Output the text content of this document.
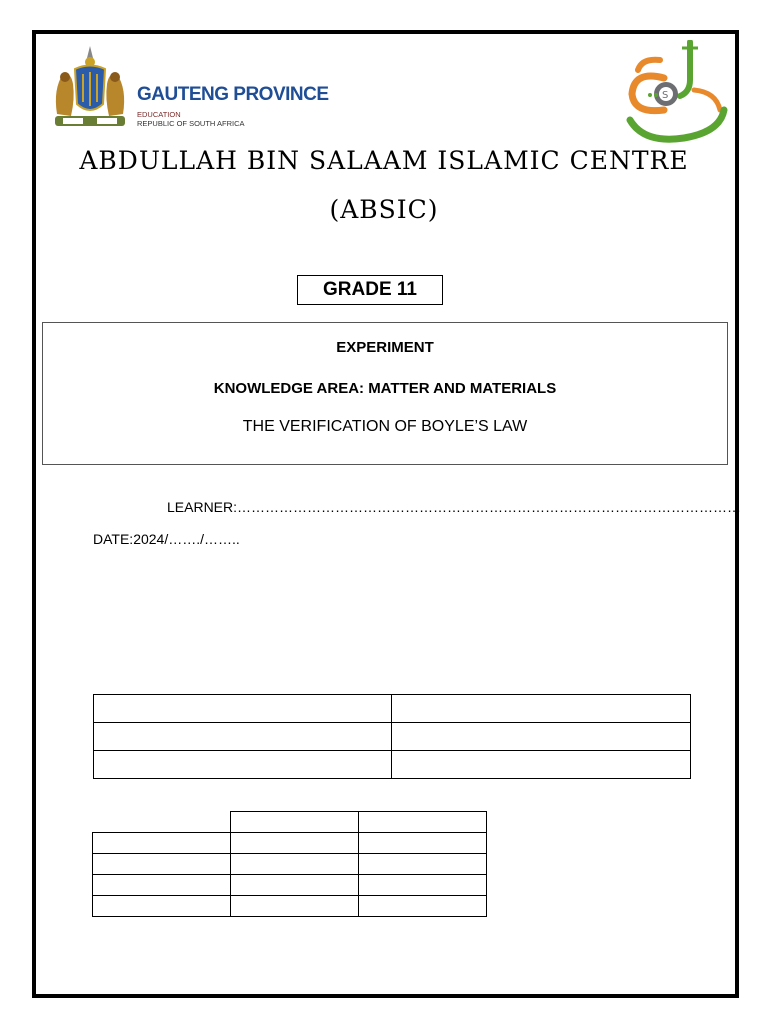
GAUTENG PROVINCE
EDUCATION
REPUBLIC OF SOUTH AFRICA
S
ABDULLAH BIN SALAAM ISLAMIC CENTRE
(ABSIC)
GRADE 11
EXPERIMENT
KNOWLEDGE AREA: MATTER AND MATERIALS
THE VERIFICATION OF BOYLE’S LAW
LEARNER:………………………………………………………………………………………………
DATE:2024/……./……..
